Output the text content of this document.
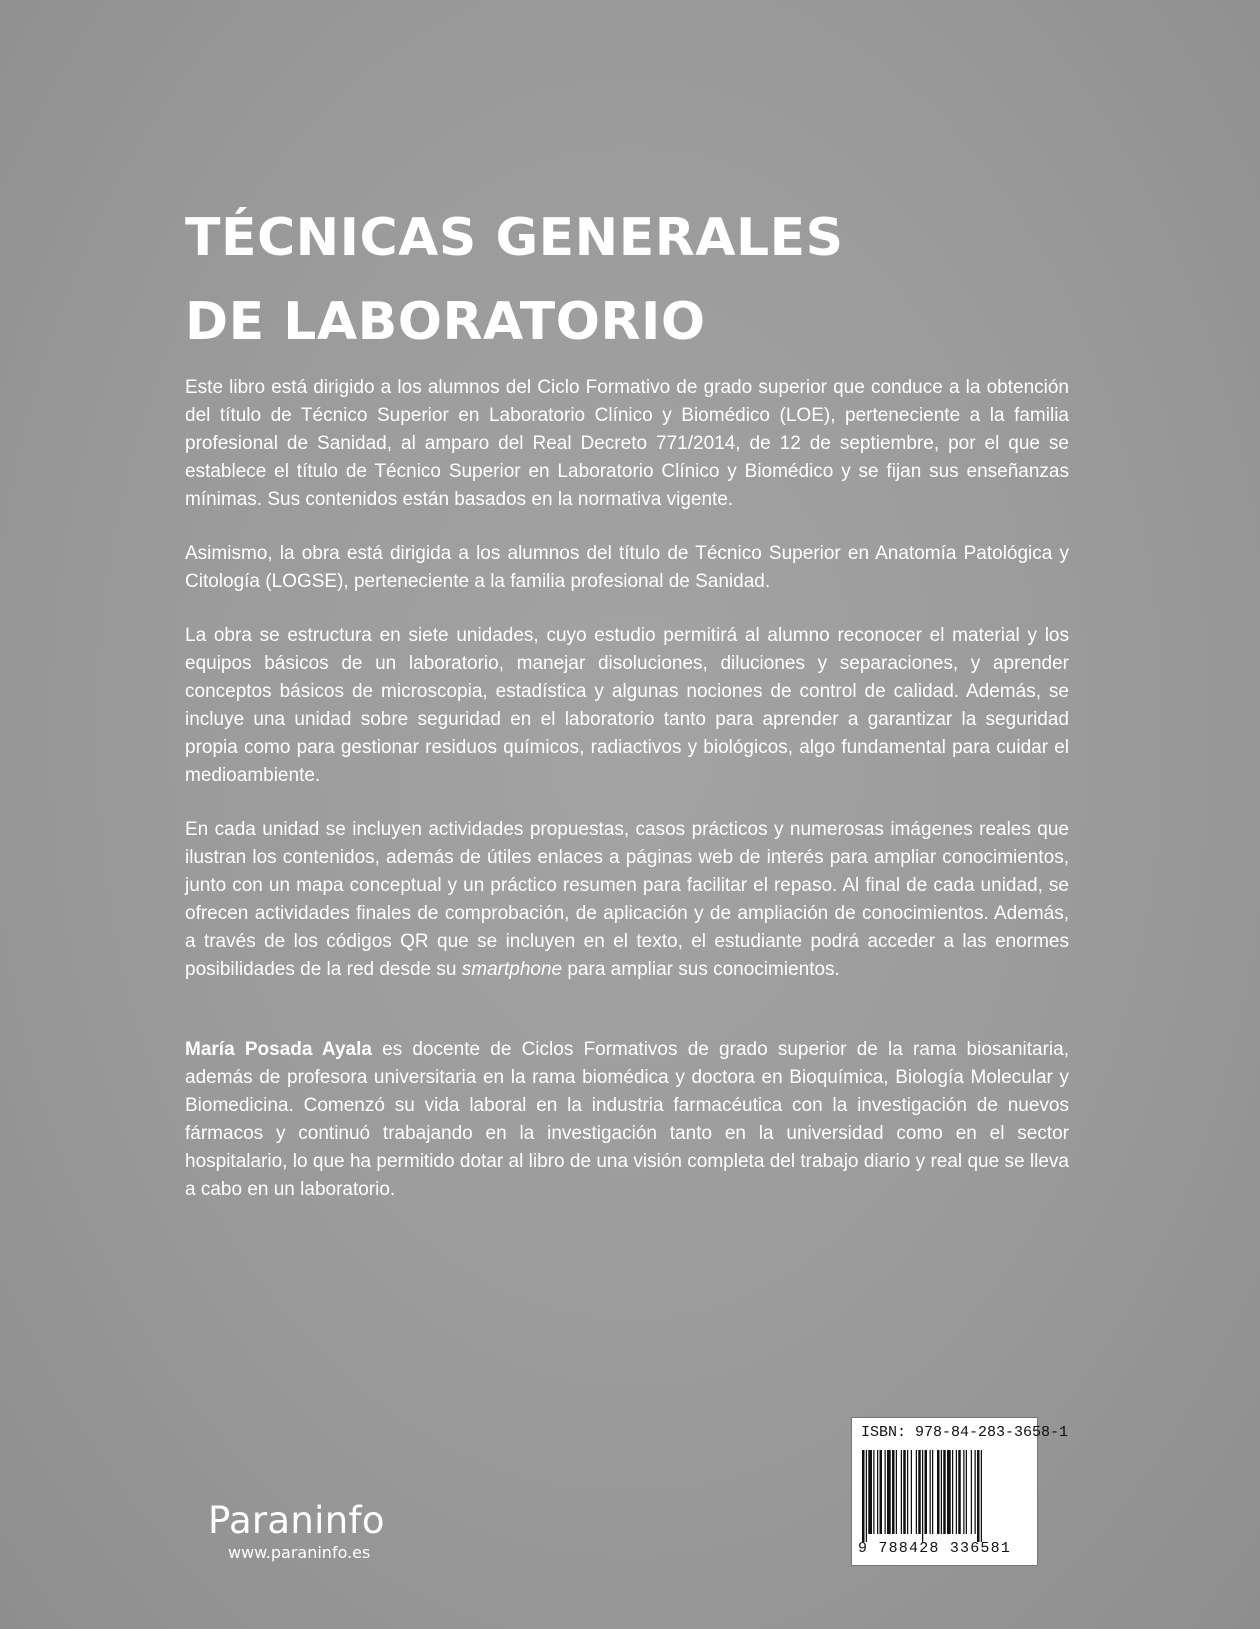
TÉCNICAS GENERALES
DE LABORATORIO

Este libro está dirigido a los alumnos del Ciclo Formativo de grado superior que conduce a la obtención del título de Técnico Superior en Laboratorio Clínico y Biomédico (LOE), perteneciente a la familia profesional de Sanidad, al amparo del Real Decreto 771/2014, de 12 de septiembre, por el que se establece el título de Técnico Superior en Laboratorio Clínico y Biomédico y se fijan sus enseñanzas mínimas. Sus contenidos están basados en la normativa vigente.

Asimismo, la obra está dirigida a los alumnos del título de Técnico Superior en Anatomía Patológica y Citología (LOGSE), perteneciente a la familia profesional de Sanidad.

La obra se estructura en siete unidades, cuyo estudio permitirá al alumno reconocer el material y los equipos básicos de un laboratorio, manejar disoluciones, diluciones y separaciones, y aprender conceptos básicos de microscopia, estadística y algunas nociones de control de calidad. Además, se incluye una unidad sobre seguridad en el laboratorio tanto para aprender a garantizar la seguridad propia como para gestionar residuos químicos, radiactivos y biológicos, algo fundamental para cuidar el medioambiente.

En cada unidad se incluyen actividades propuestas, casos prácticos y numerosas imágenes reales que ilustran los contenidos, además de útiles enlaces a páginas web de interés para ampliar conocimientos, junto con un mapa conceptual y un práctico resumen para facilitar el repaso. Al final de cada unidad, se ofrecen actividades finales de comprobación, de aplicación y de ampliación de conocimientos. Además, a través de los códigos QR que se incluyen en el texto, el estudiante podrá acceder a las enormes posibilidades de la red desde su smartphone para ampliar sus conocimientos.

María Posada Ayala es docente de Ciclos Formativos de grado superior de la rama biosanitaria, además de profesora universitaria en la rama biomédica y doctora en Bioquímica, Biología Molecular y Biomedicina. Comenzó su vida laboral en la industria farmacéutica con la investigación de nuevos fármacos y continuó trabajando en la investigación tanto en la universidad como en el sector hospitalario, lo que ha permitido dotar al libro de una visión completa del trabajo diario y real que se lleva a cabo en un laboratorio.

Paraninfo
www.paraninfo.es
ISBN: 978-84-283-3658-1
9 788428 336581
